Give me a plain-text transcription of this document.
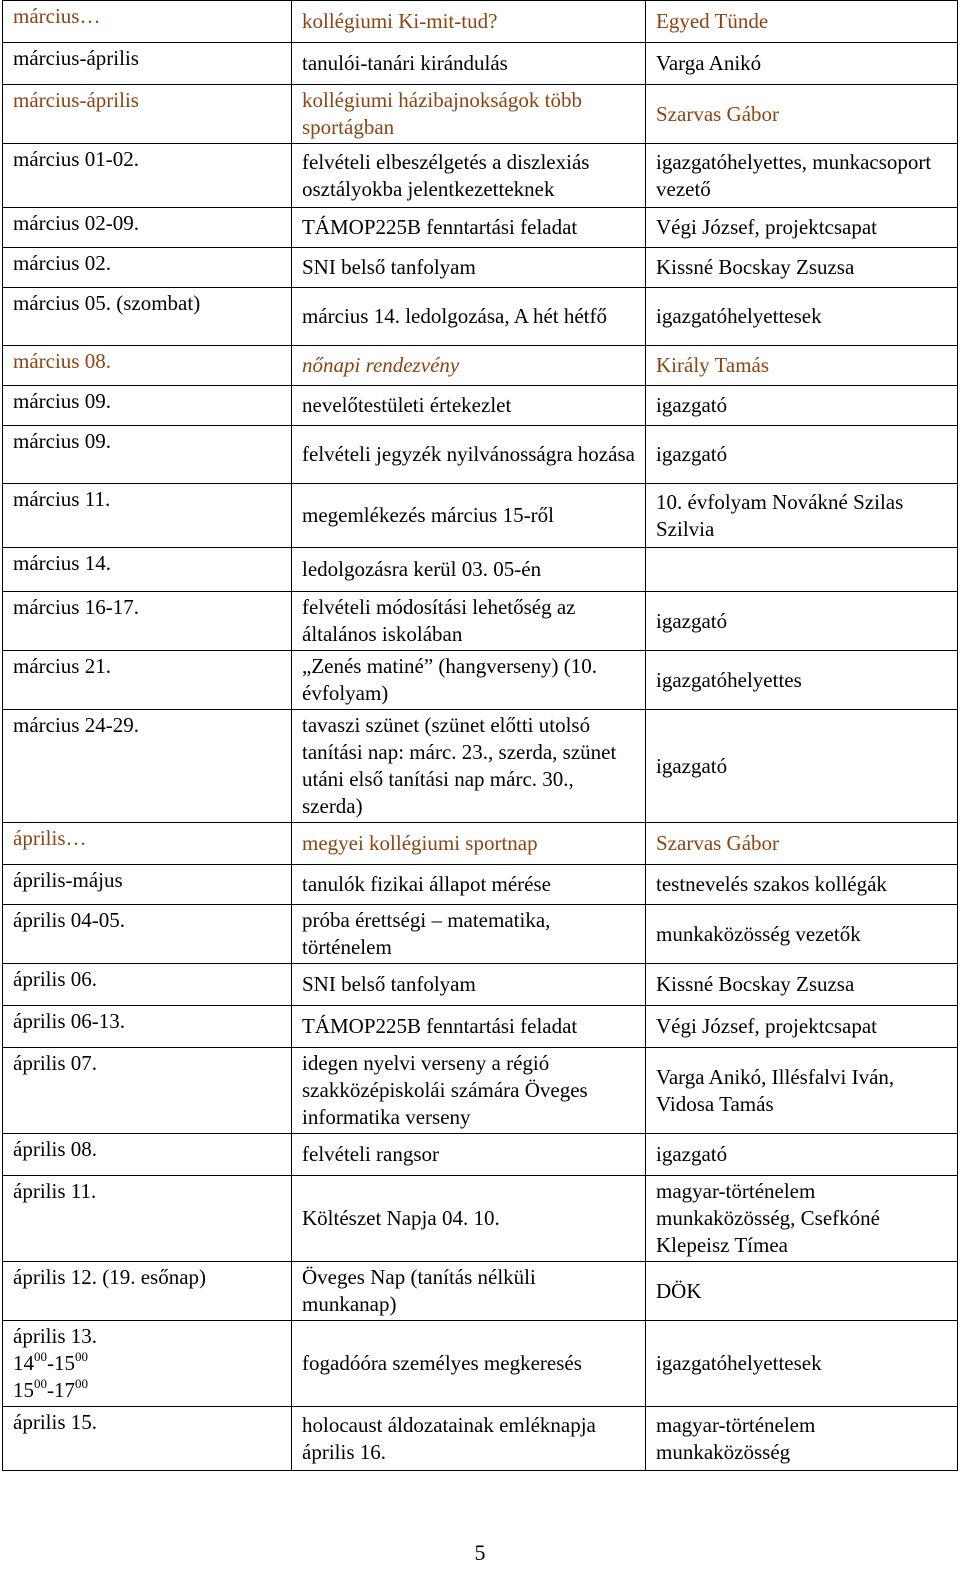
március…	kollégiumi Ki-mit-tud?	Egyed Tünde

március-április	tanulói-tanári kirándulás	Varga Anikó

március-április	kollégiumi házibajnokságok több sportágban	Szarvas Gábor

március 01-02.	felvételi elbeszélgetés a diszlexiás osztályokba jelentkezetteknek	igazgatóhelyettes, munkacsoport vezető

március 02-09.	TÁMOP225B fenntartási feladat	Végi József, projektcsapat

március 02.	SNI belső tanfolyam	Kissné Bocskay Zsuzsa

március 05. (szombat)	március 14. ledolgozása, A hét hétfő	igazgatóhelyettesek

március 08.	nőnapi rendezvény	Király Tamás

március 09.	nevelőtestületi értekezlet	igazgató

március 09.	felvételi jegyzék nyilvánosságra hozása	igazgató

március 11.	megemlékezés március 15-ről	10. évfolyam Novákné Szilas Szilvia

március 14.	ledolgozásra kerül 03. 05-én	

március 16-17.	felvételi módosítási lehetőség az általános iskolában	igazgató

március 21.	„Zenés matiné” (hangverseny) (10. évfolyam)	igazgatóhelyettes

március 24-29.	tavaszi szünet (szünet előtti utolsó tanítási nap: márc. 23., szerda, szünet utáni első tanítási nap márc. 30., szerda)	igazgató

április…	megyei kollégiumi sportnap	Szarvas Gábor

április-május	tanulók fizikai állapot mérése	testnevelés szakos kollégák

április 04-05.	próba érettségi – matematika, történelem	munkaközösség vezetők

április 06.	SNI belső tanfolyam	Kissné Bocskay Zsuzsa

április 06-13.	TÁMOP225B fenntartási feladat	Végi József, projektcsapat

április 07.	idegen nyelvi verseny a régió szakközépiskolái számára Öveges informatika verseny	Varga Anikó, Illésfalvi Iván, Vidosa Tamás

április 08.	felvételi rangsor	igazgató

április 11.	Költészet Napja 04. 10.	magyar-történelem munkaközösség, Csefkóné Klepeisz Tímea

április 12. (19. esőnap)	Öveges Nap (tanítás nélküli munkanap)	DÖK

április 13.
$14^{00}-15^{00}$
$15^{00}-17^{00}$	fogadóóra személyes megkeresés	igazgatóhelyettesek

április 15.	holocaust áldozatainak emléknapja április 16.	magyar-történelem munkaközösség
5
